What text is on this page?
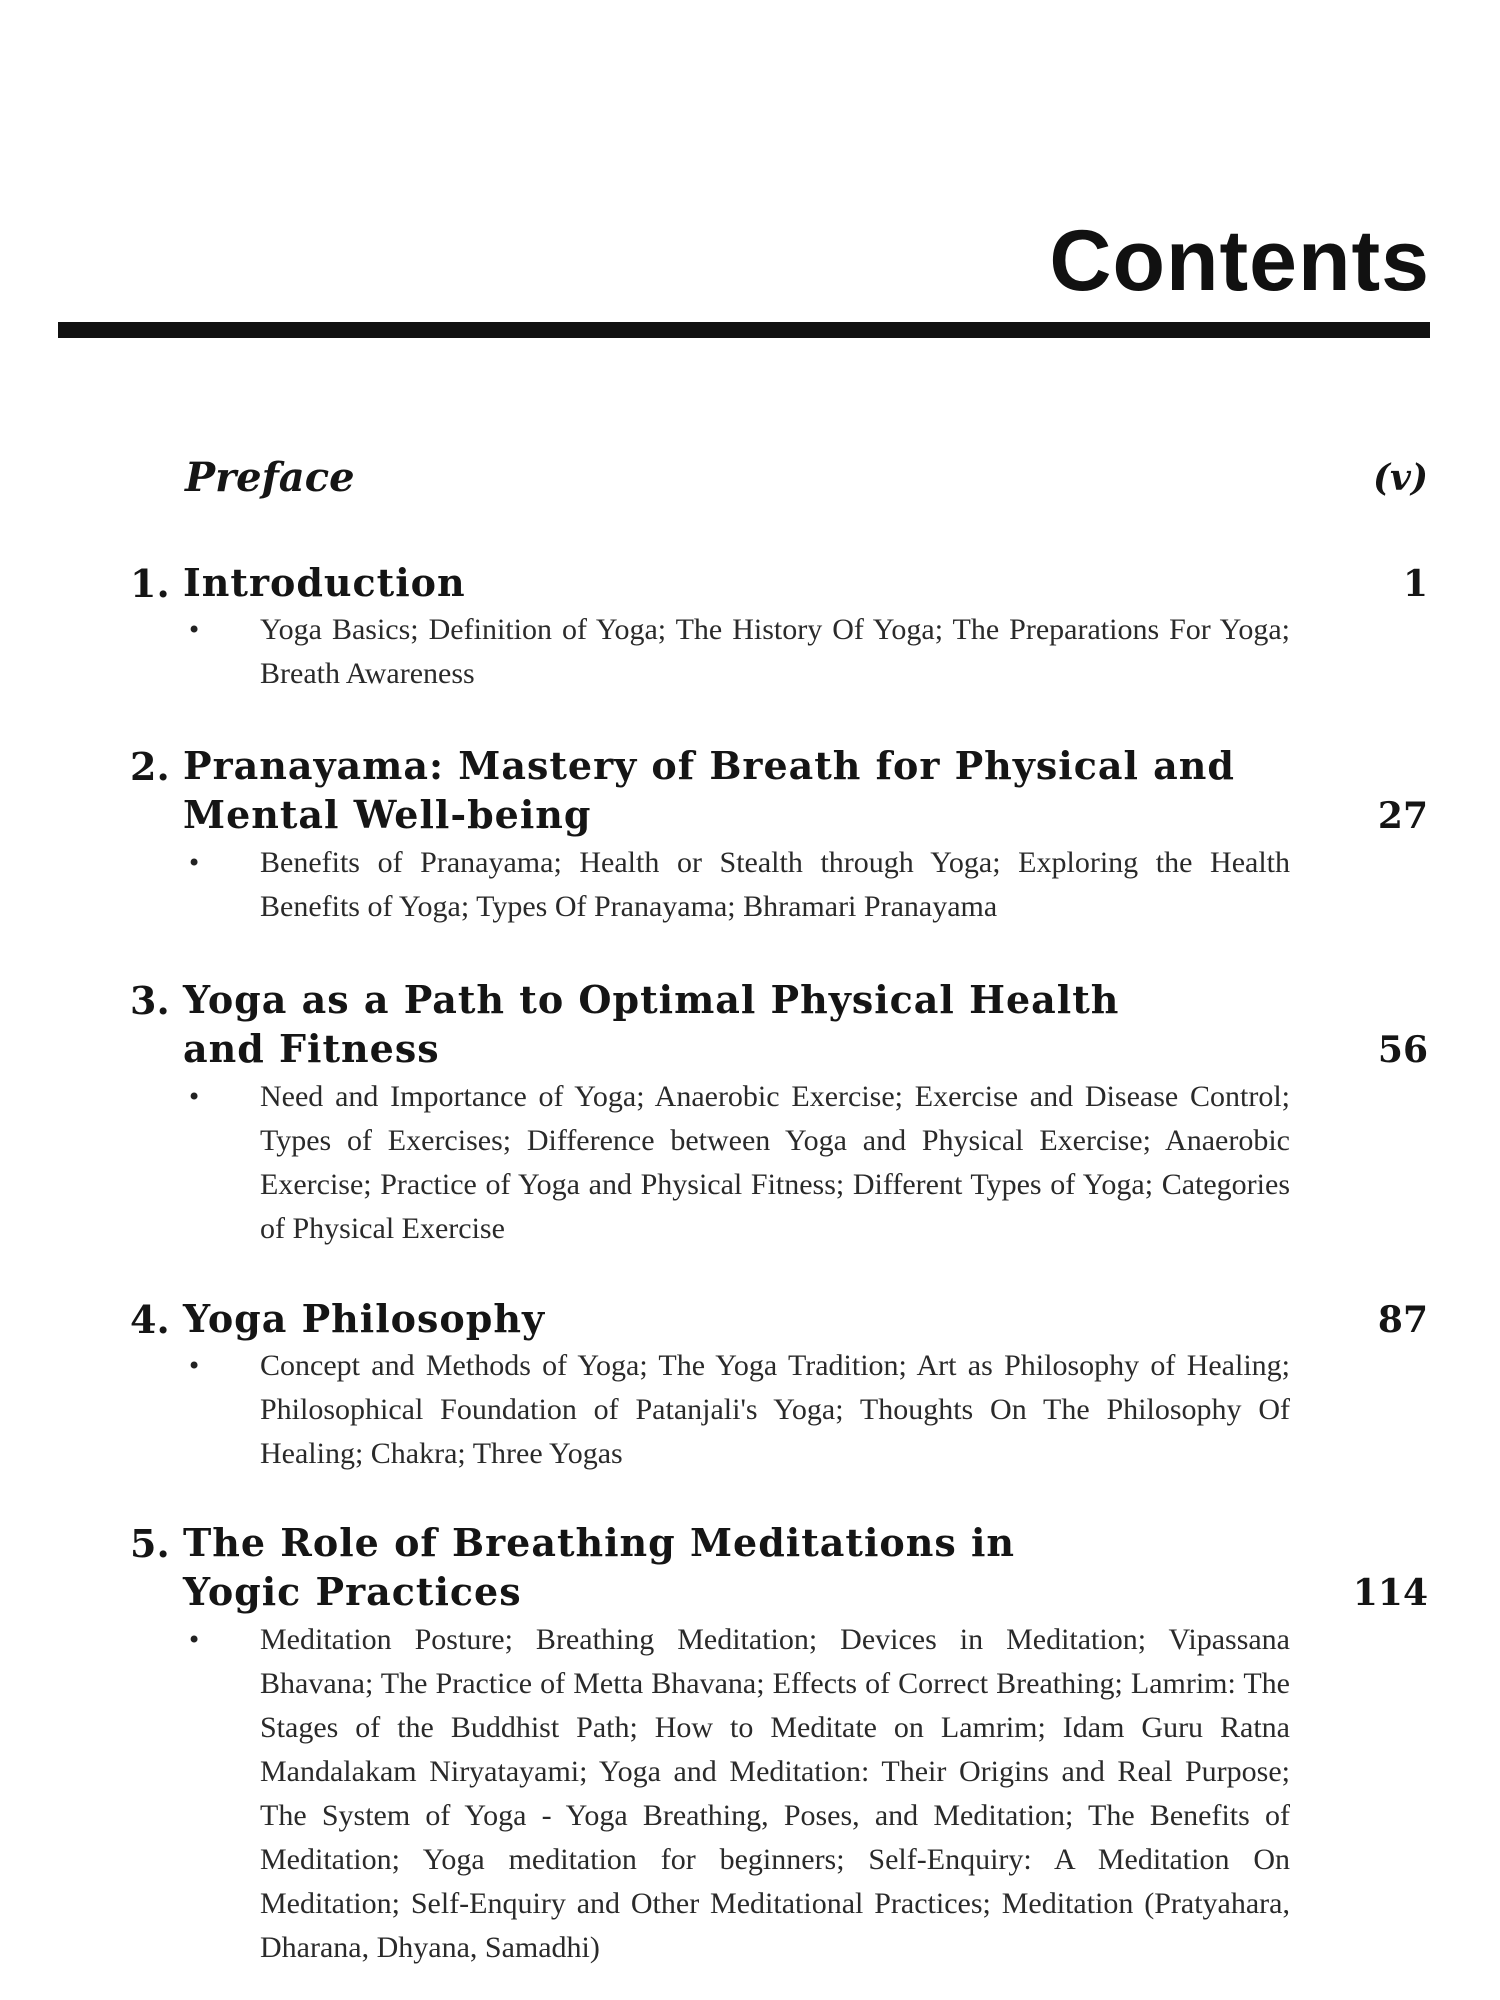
Contents
Preface	(v)
1. Introduction	1
• Yoga Basics; Definition of Yoga; The History Of Yoga; The Preparations For Yoga; Breath Awareness
2. Pranayama: Mastery of Breath for Physical and
Mental Well-being	27
• Benefits of Pranayama; Health or Stealth through Yoga; Exploring the Health Benefits of Yoga; Types Of Pranayama; Bhramari Pranayama
3. Yoga as a Path to Optimal Physical Health
and Fitness	56
• Need and Importance of Yoga; Anaerobic Exercise; Exercise and Disease Control; Types of Exercises; Difference between Yoga and Physical Exercise; Anaerobic Exercise; Practice of Yoga and Physical Fitness; Different Types of Yoga; Categories of Physical Exercise
4. Yoga Philosophy	87
• Concept and Methods of Yoga; The Yoga Tradition; Art as Philosophy of Healing; Philosophical Foundation of Patanjali's Yoga; Thoughts On The Philosophy Of Healing; Chakra; Three Yogas
5. The Role of Breathing Meditations in
Yogic Practices	114
• Meditation Posture; Breathing Meditation; Devices in Meditation; Vipassana Bhavana; The Practice of Metta Bhavana; Effects of Correct Breathing; Lamrim: The Stages of the Buddhist Path; How to Meditate on Lamrim; Idam Guru Ratna Mandalakam Niryatayami; Yoga and Meditation: Their Origins and Real Purpose; The System of Yoga - Yoga Breathing, Poses, and Meditation; The Benefits of Meditation; Yoga meditation for beginners; Self-Enquiry: A Meditation On Meditation; Self-Enquiry and Other Meditational Practices; Meditation (Pratyahara, Dharana, Dhyana, Samadhi)
